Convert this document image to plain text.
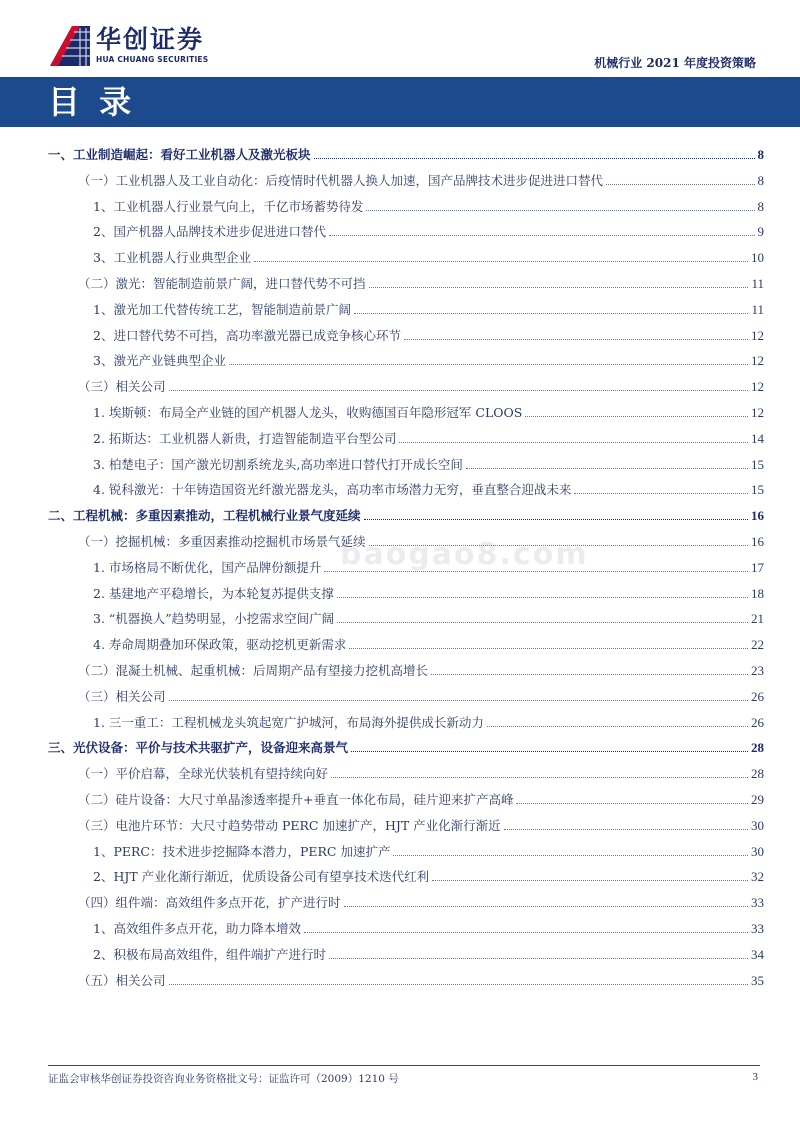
华创证券
HUA CHUANG SECURITIES	机械行业 2021 年度投资策略
目 录
baogao8.com
一、工业制造崛起：看好工业机器人及激光板块	8
（一）工业机器人及工业自动化：后疫情时代机器人换人加速，国产品牌技术进步促进进口替代	8
1、工业机器人行业景气向上，千亿市场蓄势待发	8
2、国产机器人品牌技术进步促进进口替代	9
3、工业机器人行业典型企业	10
（二）激光：智能制造前景广阔，进口替代势不可挡	11
1、激光加工代替传统工艺，智能制造前景广阔	11
2、进口替代势不可挡，高功率激光器已成竞争核心环节	12
3、激光产业链典型企业	12
（三）相关公司	12
1. 埃斯顿：布局全产业链的国产机器人龙头，收购德国百年隐形冠军 CLOOS	12
2. 拓斯达：工业机器人新贵，打造智能制造平台型公司	14
3. 柏楚电子：国产激光切割系统龙头,高功率进口替代打开成长空间	15
4. 锐科激光：十年铸造国资光纤激光器龙头，高功率市场潜力无穷，垂直整合迎战未来	15
二、工程机械：多重因素推动，工程机械行业景气度延续	16
（一）挖掘机械：多重因素推动挖掘机市场景气延续	16
1. 市场格局不断优化，国产品牌份额提升	17
2. 基建地产平稳增长，为本轮复苏提供支撑	18
3. “机器换人”趋势明显，小挖需求空间广阔	21
4. 寿命周期叠加环保政策，驱动挖机更新需求	22
（二）混凝土机械、起重机械：后周期产品有望接力挖机高增长	23
（三）相关公司	26
1. 三一重工：工程机械龙头筑起宽广护城河，布局海外提供成长新动力	26
三、光伏设备：平价与技术共驱扩产，设备迎来高景气	28
（一）平价启幕，全球光伏装机有望持续向好	28
（二）硅片设备：大尺寸单晶渗透率提升+垂直一体化布局，硅片迎来扩产高峰	29
（三）电池片环节：大尺寸趋势带动 PERC 加速扩产，HJT 产业化渐行渐近	30
1、PERC：技术进步挖掘降本潜力，PERC 加速扩产	30
2、HJT 产业化渐行渐近，优质设备公司有望享技术迭代红利	32
（四）组件端：高效组件多点开花，扩产进行时	33
1、高效组件多点开花，助力降本增效	33
2、积极布局高效组件，组件端扩产进行时	34
（五）相关公司	35
证监会审核华创证券投资咨询业务资格批文号：证监许可（2009）1210 号	3
